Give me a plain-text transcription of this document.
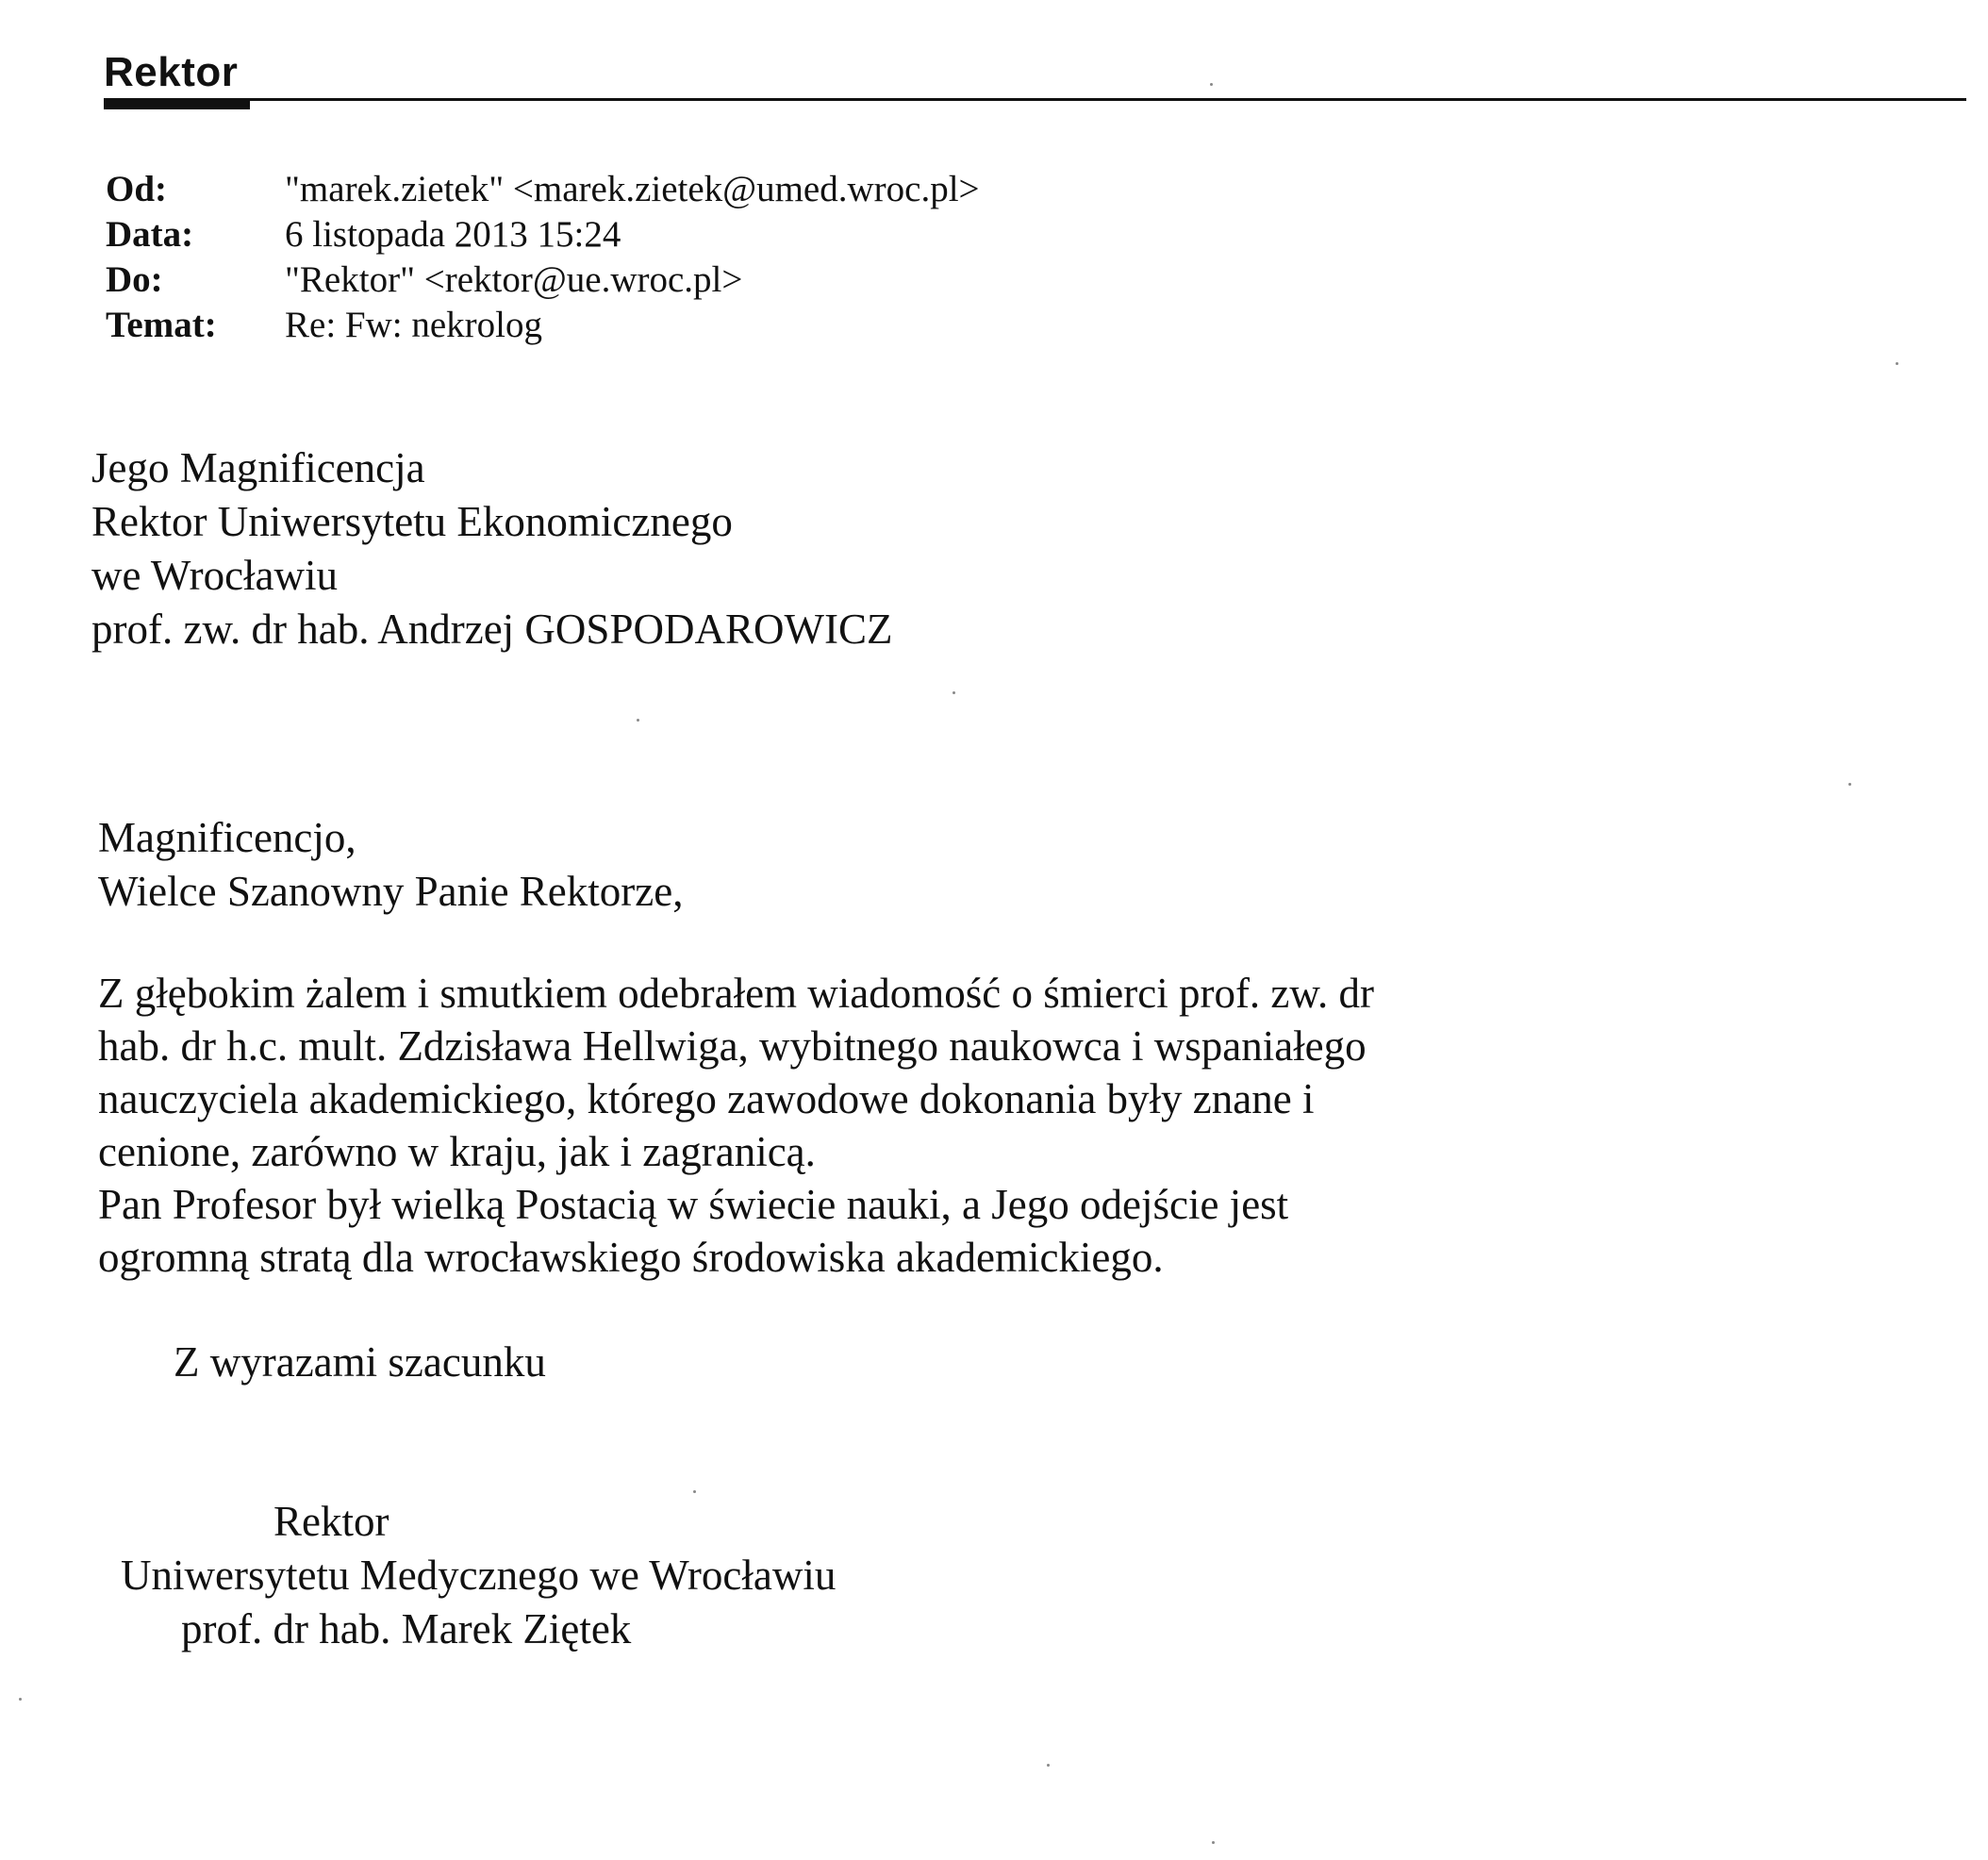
Rektor
Od:	"marek.zietek" <marek.zietek@umed.wroc.pl>
Data:	6 listopada 2013 15:24
Do:	"Rektor" <rektor@ue.wroc.pl>
Temat:	Re: Fw: nekrolog
Jego Magnificencja
Rektor Uniwersytetu Ekonomicznego
we Wrocławiu
prof. zw. dr hab. Andrzej GOSPODAROWICZ
Magnificencjo,
Wielce Szanowny Panie Rektorze,
Z głębokim żalem i smutkiem odebrałem wiadomość o śmierci prof. zw. dr
hab. dr h.c. mult. Zdzisława Hellwiga, wybitnego naukowca i wspaniałego
nauczyciela akademickiego, którego zawodowe dokonania były znane i
cenione, zarówno w kraju, jak i zagranicą.
Pan Profesor był wielką Postacią w świecie nauki, a Jego odejście jest
ogromną stratą dla wrocławskiego środowiska akademickiego.
Z wyrazami szacunku
Rektor
Uniwersytetu Medycznego we Wrocławiu
prof. dr hab. Marek Ziętek
